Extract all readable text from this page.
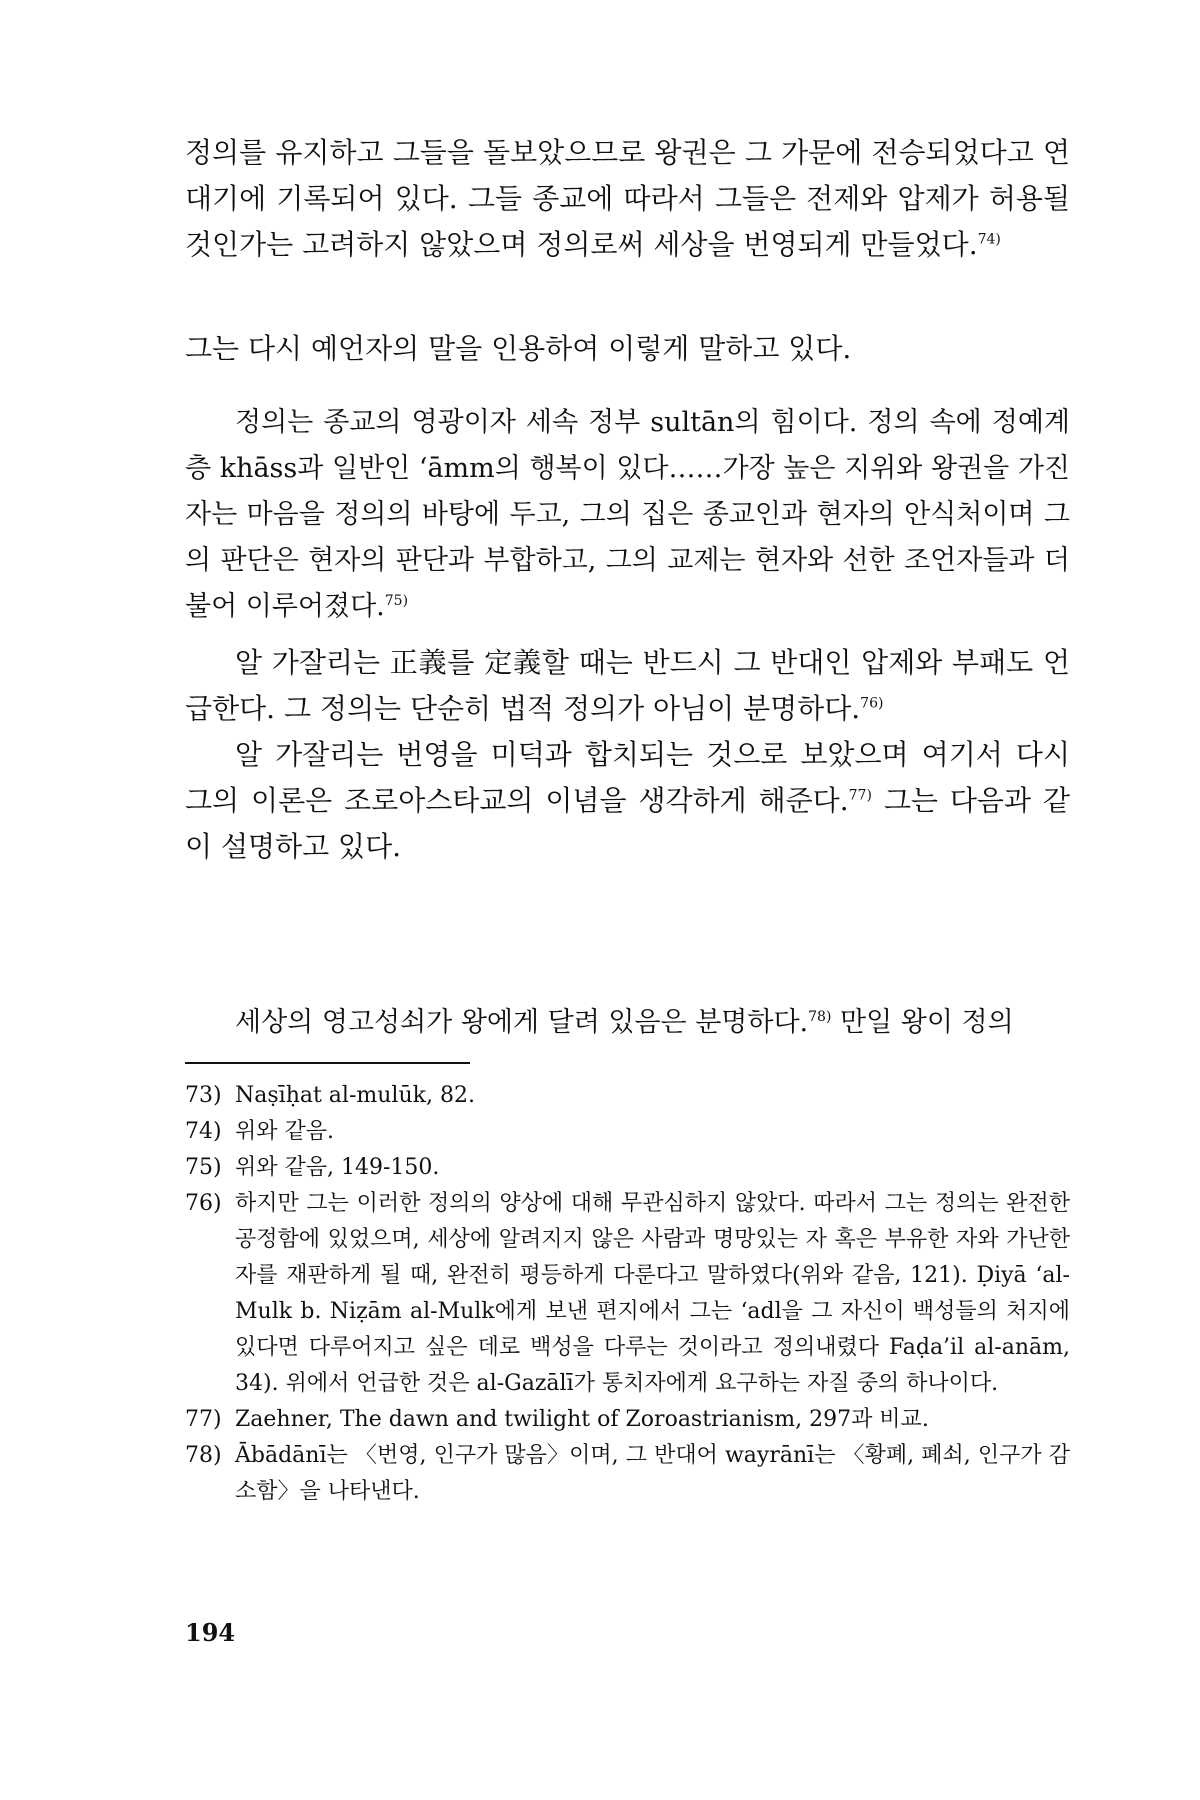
정의를 유지하고 그들을 돌보았으므로 왕권은 그 가문에 전승되었다고 연대기에 기록되어 있다. 그들 종교에 따라서 그들은 전제와 압제가 허용될 것인가는 고려하지 않았으며 정의로써 세상을 번영되게 만들었다.$^{74)}$

그는 다시 예언자의 말을 인용하여 이렇게 말하고 있다.

정의는 종교의 영광이자 세속 정부 sultān의 힘이다. 정의 속에 정예계층 khāss과 일반인 ‘āmm의 행복이 있다……가장 높은 지위와 왕권을 가진 자는 마음을 정의의 바탕에 두고, 그의 집은 종교인과 현자의 안식처이며 그의 판단은 현자의 판단과 부합하고, 그의 교제는 현자와 선한 조언자들과 더불어 이루어졌다.$^{75)}$

알 가잘리는 正義를 定義할 때는 반드시 그 반대인 압제와 부패도 언급한다. 그 정의는 단순히 법적 정의가 아님이 분명하다.$^{76)}$

알 가잘리는 번영을 미덕과 합치되는 것으로 보았으며 여기서 다시 그의 이론은 조로아스타교의 이념을 생각하게 해준다.$^{77)}$ 그는 다음과 같이 설명하고 있다.

세상의 영고성쇠가 왕에게 달려 있음은 분명하다.$^{78)}$ 만일 왕이 정의

73) Naṣīḥat al-mulūk, 82.
74) 위와 같음.
75) 위와 같음, 149-150.
76) 하지만 그는 이러한 정의의 양상에 대해 무관심하지 않았다. 따라서 그는 정의는 완전한 공정함에 있었으며, 세상에 알려지지 않은 사람과 명망있는 자 혹은 부유한 자와 가난한 자를 재판하게 될 때, 완전히 평등하게 다룬다고 말하였다(위와 같음, 121). Ḍiyā ‘al-Mulk b. Niẓām al-Mulk에게 보낸 편지에서 그는 ‘adl을 그 자신이 백성들의 처지에 있다면 다루어지고 싶은 데로 백성을 다루는 것이라고 정의내렸다 Faḍa’il al-anām, 34). 위에서 언급한 것은 al-Gazālī가 통치자에게 요구하는 자질 중의 하나이다.
77) Zaehner, The dawn and twilight of Zoroastrianism, 297과 비교.
78) Ābādānī는 〈번영, 인구가 많음〉이며, 그 반대어 wayrānī는 〈황폐, 폐쇠, 인구가 감소함〉을 나타낸다.
194
